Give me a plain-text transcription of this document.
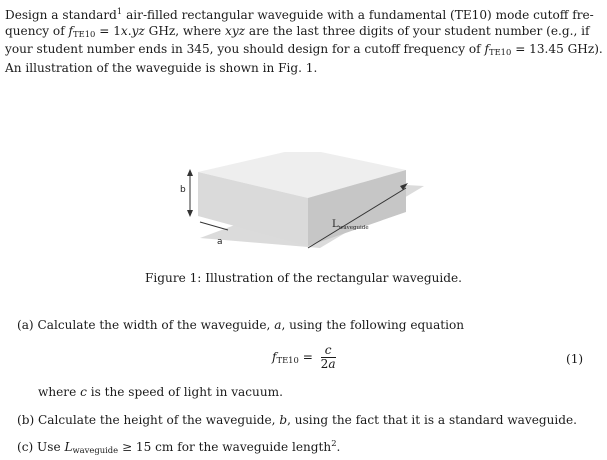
Design a standard$^1$ air-filled rectangular waveguide with a fundamental (TE10) mode cutoff fre-
quency of $f_{TE10} = 1x.yz$ GHz, where xyz are the last three digits of your student number (e.g., if
your student number ends in 345, you should design for a cutoff frequency of $f_{TE10} = 13.45$ GHz).
An illustration of the waveguide is shown in Fig. 1.
b
a
$L_{waveguide}$
Figure 1: Illustration of the rectangular waveguide.
(a) Calculate the width of the waveguide, a, using the following equation
$f_{TE10} = \frac{c}{2a}$	(1)
where c is the speed of light in vacuum.
(b) Calculate the height of the waveguide, b, using the fact that it is a standard waveguide.
(c) Use $L_{waveguide} \ge 15$ cm for the waveguide length$^2$.
